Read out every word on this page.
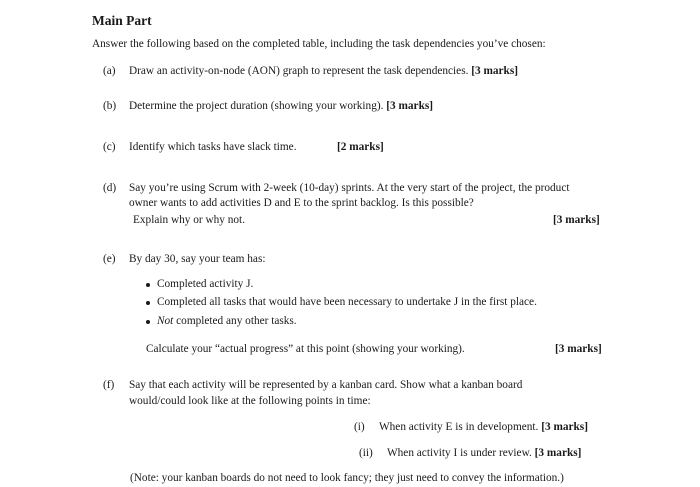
Main Part
Answer the following based on the completed table, including the task dependencies you’ve chosen:
(a) Draw an activity-on-node (AON) graph to represent the task dependencies. [3 marks]
(b) Determine the project duration (showing your working). [3 marks]
(c) Identify which tasks have slack time.	[2 marks]
(d) Say you’re using Scrum with 2-week (10-day) sprints. At the very start of the project, the product
owner wants to add activities D and E to the sprint backlog. Is this possible?
Explain why or why not.	[3 marks]
(e) By day 30, say your team has:
Completed activity J.
Completed all tasks that would have been necessary to undertake J in the first place.
Not completed any other tasks.
Calculate your “actual progress” at this point (showing your working).	[3 marks]
(f) Say that each activity will be represented by a kanban card. Show what a kanban board
would/could look like at the following points in time:
(i) When activity E is in development. [3 marks]
(ii) When activity I is under review. [3 marks]
(Note: your kanban boards do not need to look fancy; they just need to convey the information.)
